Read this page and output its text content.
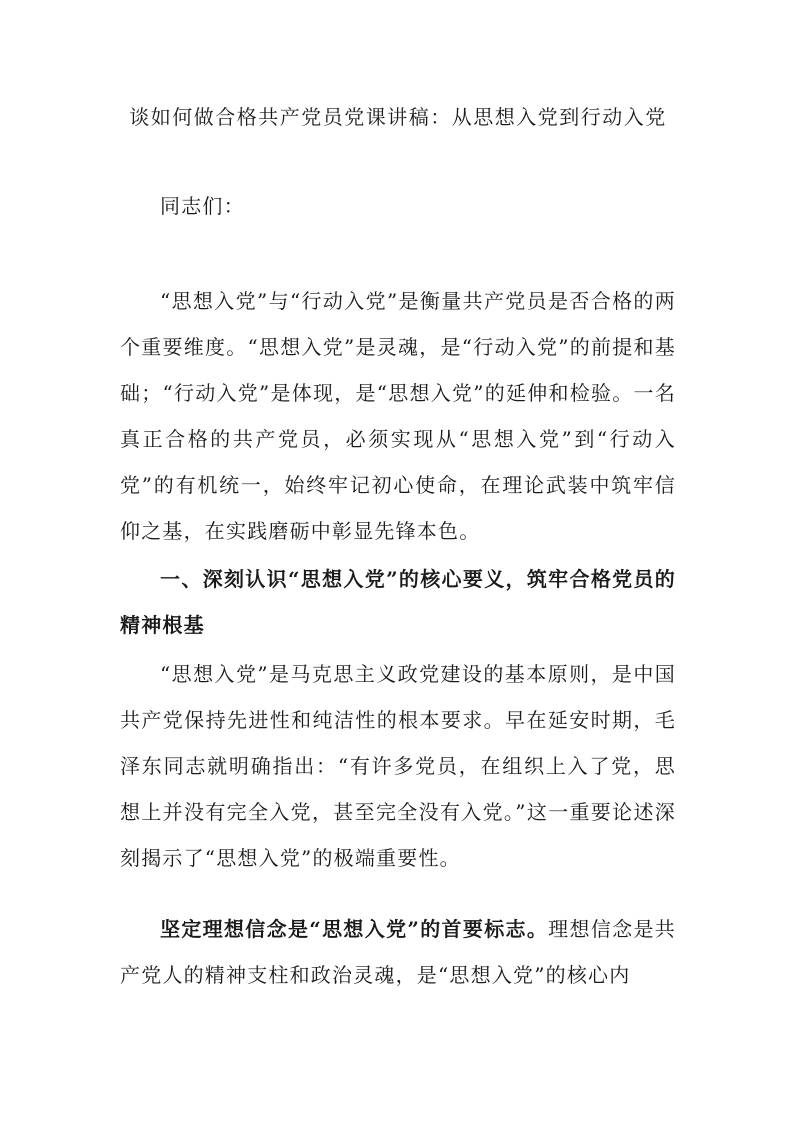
谈如何做合格共产党员党课讲稿：从思想入党到行动入党

同志们：

“思想入党”与“行动入党”是衡量共产党员是否合格的两个重要维度。“思想入党”是灵魂，是“行动入党”的前提和基础；“行动入党”是体现，是“思想入党”的延伸和检验。一名真正合格的共产党员，必须实现从“思想入党”到“行动入党”的有机统一，始终牢记初心使命，在理论武装中筑牢信仰之基，在实践磨砺中彰显先锋本色。

一、深刻认识“思想入党”的核心要义，筑牢合格党员的精神根基

“思想入党”是马克思主义政党建设的基本原则，是中国共产党保持先进性和纯洁性的根本要求。早在延安时期，毛泽东同志就明确指出：“有许多党员，在组织上入了党，思想上并没有完全入党，甚至完全没有入党。”这一重要论述深刻揭示了“思想入党”的极端重要性。

坚定理想信念是“思想入党”的首要标志。理想信念是共产党人的精神支柱和政治灵魂，是“思想入党”的核心内
